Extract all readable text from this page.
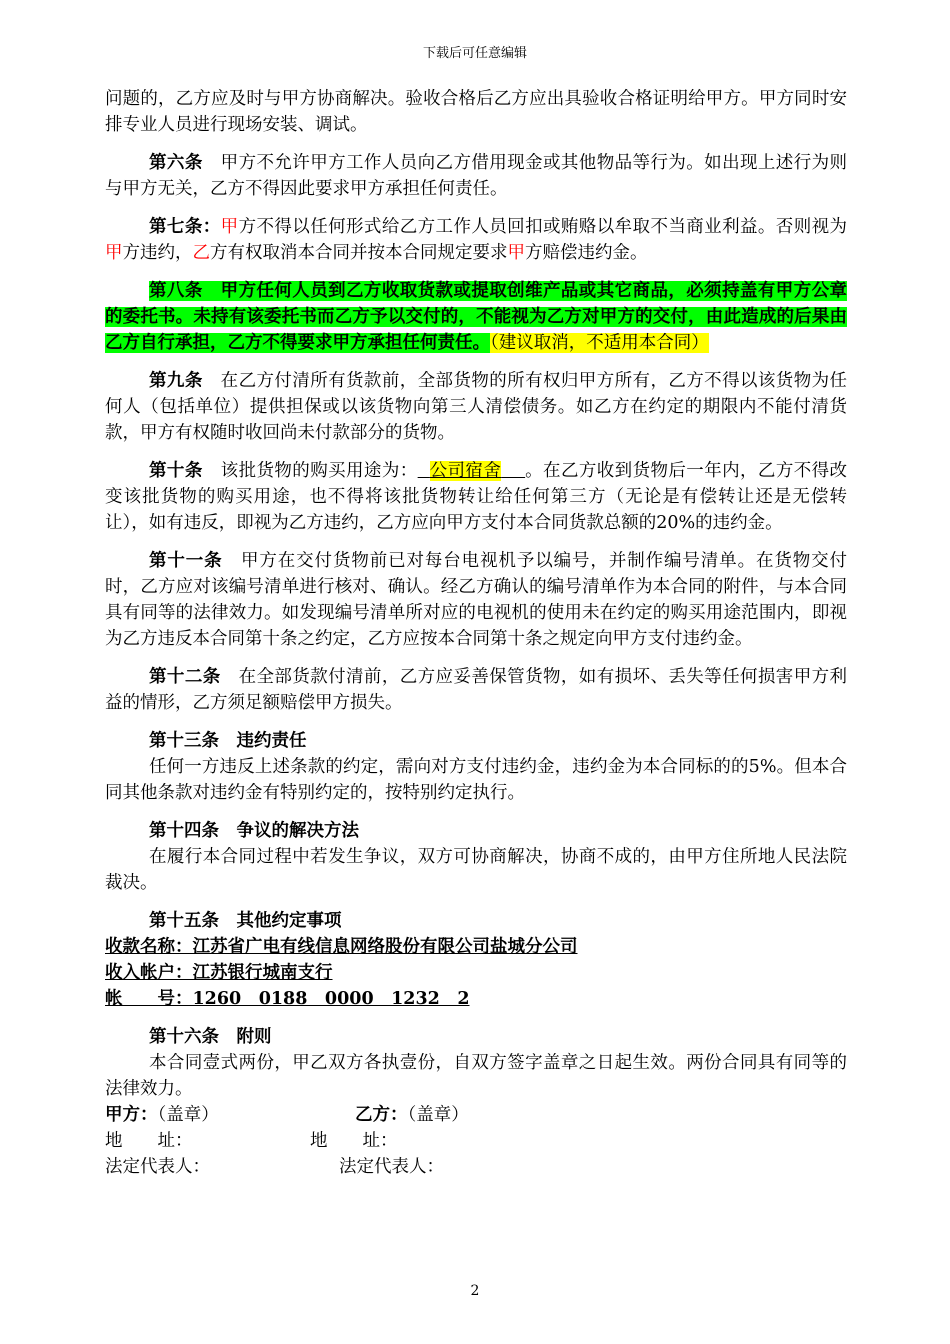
下载后可任意编辑

问题的，乙方应及时与甲方协商解决。验收合格后乙方应出具验收合格证明给甲方。甲方同时安排专业人员进行现场安装、调试。

第六条　 甲方不允许甲方工作人员向乙方借用现金或其他物品等行为。如出现上述行为则与甲方无关，乙方不得因此要求甲方承担任何责任。

第七条：甲方不得以任何形式给乙方工作人员回扣或贿赂以牟取不当商业利益。否则视为甲方违约，乙方有权取消本合同并按本合同规定要求甲方赔偿违约金。

第八条　 甲方任何人员到乙方收取货款或提取创维产品或其它商品，必须持盖有甲方公章的委托书。未持有该委托书而乙方予以交付的，不能视为乙方对甲方的交付，由此造成的后果由乙方自行承担，乙方不得要求甲方承担任何责任。（建议取消，不适用本合同）

第九条　 在乙方付清所有货款前，全部货物的所有权归甲方所有，乙方不得以该货物为任何人（包括单位）提供担保或以该货物向第三人清偿债务。如乙方在约定的期限内不能付清货款，甲方有权随时收回尚未付款部分的货物。

第十条　 该批货物的购买用途为： 公司宿舍 。在乙方收到货物后一年内，乙方不得改变该批货物的购买用途，也不得将该批货物转让给任何第三方（无论是有偿转让还是无偿转让），如有违反，即视为乙方违约，乙方应向甲方支付本合同货款总额的20%的违约金。

第十一条　 甲方在交付货物前已对每台电视机予以编号，并制作编号清单。在货物交付时，乙方应对该编号清单进行核对、确认。经乙方确认的编号清单作为本合同的附件，与本合同具有同等的法律效力。如发现编号清单所对应的电视机的使用未在约定的购买用途范围内，即视为乙方违反本合同第十条之约定，乙方应按本合同第十条之规定向甲方支付违约金。

第十二条　 在全部货款付清前，乙方应妥善保管货物，如有损坏、丢失等任何损害甲方利益的情形，乙方须足额赔偿甲方损失。

第十三条　违约责任

任何一方违反上述条款的约定，需向对方支付违约金，违约金为本合同标的的5%。但本合同其他条款对违约金有特别约定的，按特别约定执行。

第十四条　争议的解决方法

在履行本合同过程中若发生争议，双方可协商解决，协商不成的，由甲方住所地人民法院裁决。

第十五条　其他约定事项

收款名称：江苏省广电有线信息网络股份有限公司盐城分公司

收入帐户：江苏银行城南支行

帐　　号：1260　0188　0000　1232　2

第十六条　附则

本合同壹式两份，甲乙双方各执壹份，自双方签字盖章之日起生效。两份合同具有同等的法律效力。

甲方：（盖章）	乙方：（盖章）
地　　址：	地　　址：
法定代表人：	法定代表人：
2
